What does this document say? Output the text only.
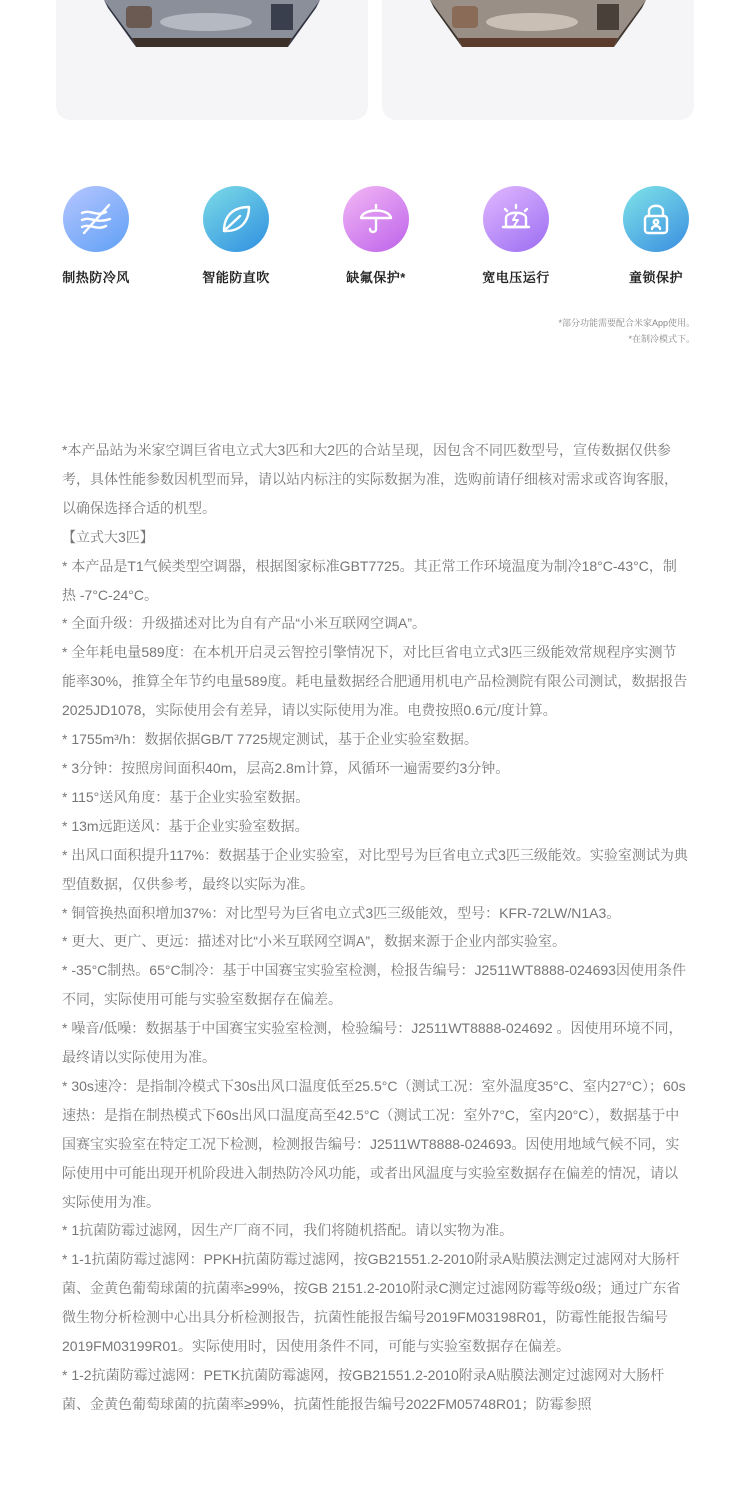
制热防冷风	智能防直吹	缺氟保护*	宽电压运行	童锁保护
*部分功能需要配合米家App使用。
*在制冷模式下。

*本产品站为米家空调巨省电立式大3匹和大2匹的合站呈现，因包含不同匹数型号，宣传数据仅供参考，具体性能参数因机型而异，请以站内标注的实际数据为准，选购前请仔细核对需求或咨询客服，以确保选择合适的机型。

【立式大3匹】

* 本产品是T1气候类型空调器，根据图家标准GBT7725。其正常工作环境温度为制冷18°C-43°C，制热 -7°C-24°C。

* 全面升级：升级描述对比为自有产品“小米互联网空调A”。

* 全年耗电量589度：在本机开启灵云智控引擎情况下，对比巨省电立式3匹三级能效常规程序实测节能率30%，推算全年节约电量589度。耗电量数据经合肥通用机电产品检测院有限公司测试，数据报告2025JD1078，实际使用会有差异，请以实际使用为准。电费按照0.6元/度计算。

* 1755m³/h：数据依据GB/T 7725规定测试，基于企业实验室数据。

* 3分钟：按照房间面积40m，层高2.8m计算，风循环一遍需要约3分钟。

* 115°送风角度：基于企业实验室数据。

* 13m远距送风：基于企业实验室数据。

* 出风口面积提升117%：数据基于企业实验室，对比型号为巨省电立式3匹三级能效。实验室测试为典型值数据，仅供参考，最终以实际为准。

* 铜管换热面积增加37%：对比型号为巨省电立式3匹三级能效，型号：KFR-72LW/N1A3。

* 更大、更广、更远：描述对比“小米互联网空调A”，数据来源于企业内部实验室。

* -35°C制热。65°C制冷：基于中国赛宝实验室检测，检报告编号：J2511WT8888-024693因使用条件不同，实际使用可能与实验室数据存在偏差。

* 噪音/低噪：数据基于中国赛宝实验室检测，检验编号：J2511WT8888-024692 。因使用环境不同，最终请以实际使用为准。

* 30s速冷：是指制冷模式下30s出风口温度低至25.5°C（测试工况：室外温度35°C、室内27°C）；60s速热：是指在制热模式下60s出风口温度高至42.5°C（测试工况：室外7°C，室内20°C），数据基于中国赛宝实验室在特定工况下检测，检测报告编号：J2511WT8888-024693。因使用地域气候不同，实际使用中可能出现开机阶段进入制热防冷风功能，或者出风温度与实验室数据存在偏差的情况，请以实际使用为准。

* 1抗菌防霉过滤网，因生产厂商不同，我们将随机搭配。请以实物为准。

* 1-1抗菌防霉过滤网：PPKH抗菌防霉过滤网，按GB21551.2-2010附录A贴膜法测定过滤网对大肠杆菌、金黄色葡萄球菌的抗菌率≥99%，按GB 2151.2-2010附录C测定过滤网防霉等级0级；通过广东省微生物分析检测中心出具分析检测报告，抗菌性能报告编号2019FM03198R01，防霉性能报告编号2019FM03199R01。实际使用时，因使用条件不同，可能与实验室数据存在偏差。

* 1-2抗菌防霉过滤网：PETK抗菌防霉滤网，按GB21551.2-2010附录A贴膜法测定过滤网对大肠杆菌、金黄色葡萄球菌的抗菌率≥99%，抗菌性能报告编号2022FM05748R01；防霉参照
